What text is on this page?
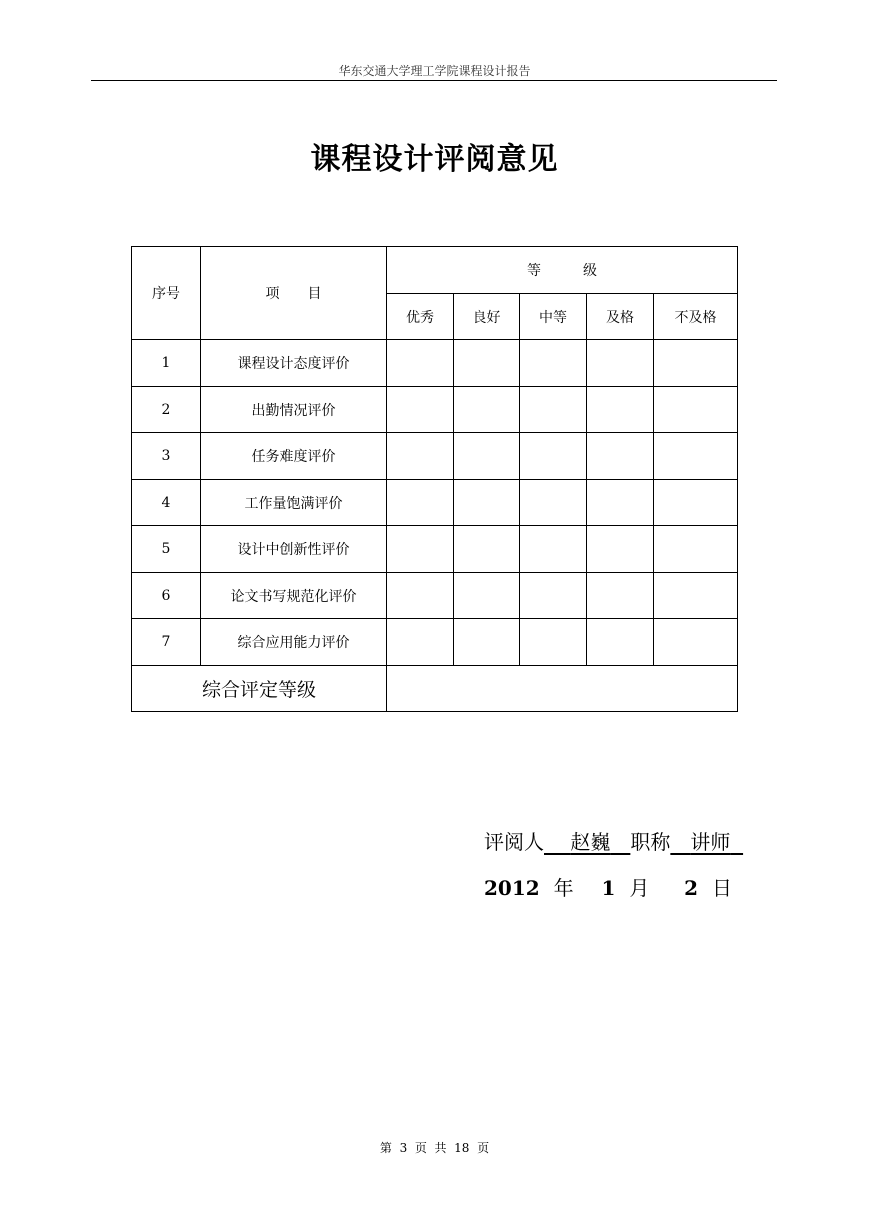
华东交通大学理工学院课程设计报告
课程设计评阅意见
序号	项　　目	等　　　级				
		优秀	良好	中等	及格	不及格
1	课程设计态度评价					
2	出勤情况评价					
3	任务难度评价					
4	工作量饱满评价					
5	设计中创新性评价					
6	论文书写规范化评价					
7	综合应用能力评价					
综合评定等级						
评阅人　 赵巍　 职称　 讲师
2012 年 1 月 2 日
第 3 页 共 18 页
